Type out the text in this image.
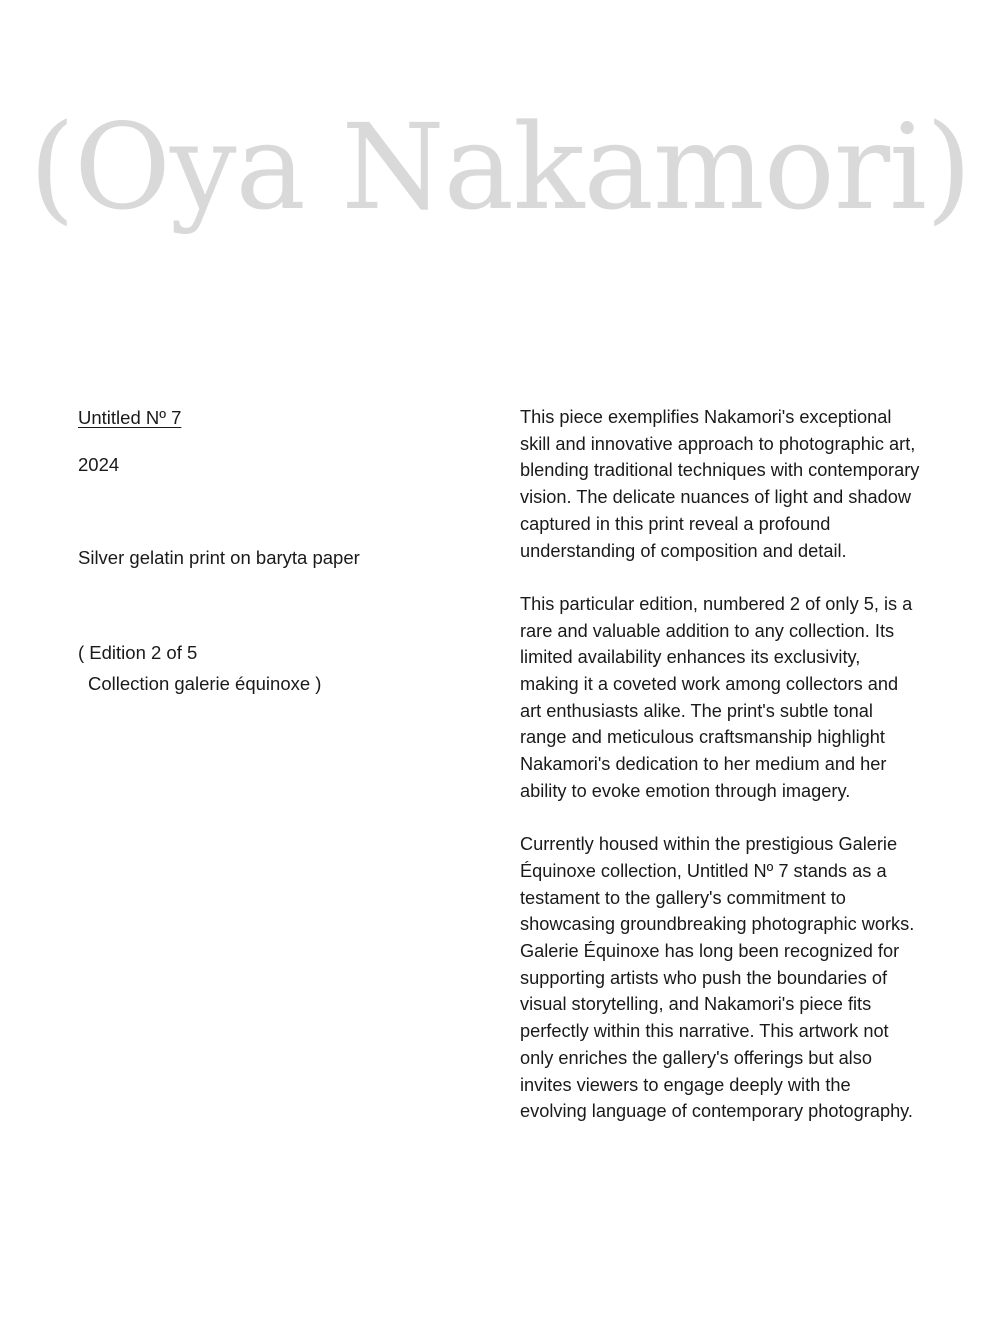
(Oya Nakamori)
Untitled Nº 7
2024
Silver gelatin print on baryta paper
( Edition 2 of 5
Collection galerie équinoxe )

This piece exemplifies Nakamori's exceptional skill and innovative approach to photographic art, blending traditional techniques with contemporary vision. The delicate nuances of light and shadow captured in this print reveal a profound understanding of composition and detail.

This particular edition, numbered 2 of only 5, is a rare and valuable addition to any collection. Its limited availability enhances its exclusivity, making it a coveted work among collectors and art enthusiasts alike. The print's subtle tonal range and meticulous craftsmanship highlight Nakamori's dedication to her medium and her ability to evoke emotion through imagery.

Currently housed within the prestigious Galerie Équinoxe collection, Untitled Nº 7 stands as a testament to the gallery's commitment to showcasing groundbreaking photographic works. Galerie Équinoxe has long been recognized for supporting artists who push the boundaries of visual storytelling, and Nakamori's piece fits perfectly within this narrative. This artwork not only enriches the gallery's offerings but also invites viewers to engage deeply with the evolving language of contemporary photography.
